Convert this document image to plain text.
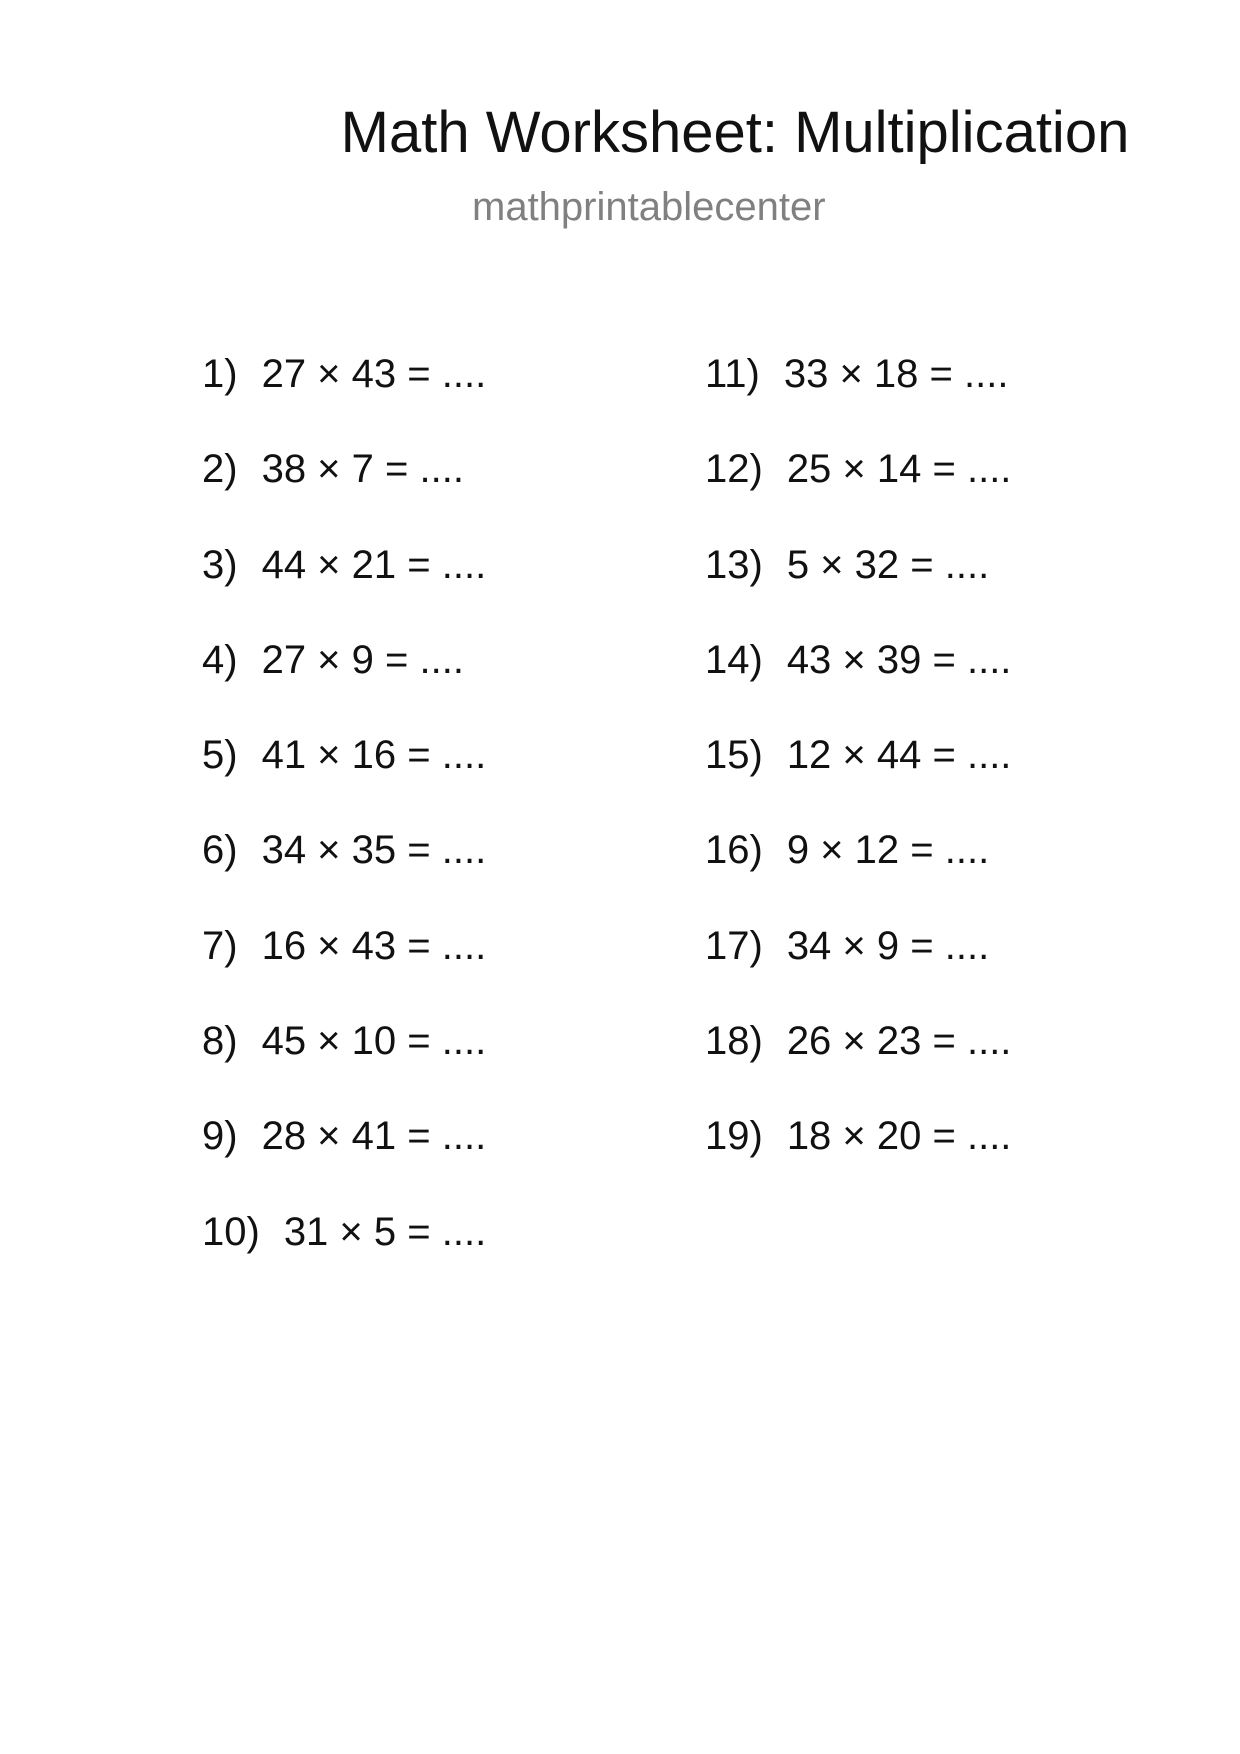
Math Worksheet: Multiplication
mathprintablecenter
1) 27 × 43 = ....
2) 38 × 7 = ....
3) 44 × 21 = ....
4) 27 × 9 = ....
5) 41 × 16 = ....
6) 34 × 35 = ....
7) 16 × 43 = ....
8) 45 × 10 = ....
9) 28 × 41 = ....
10) 31 × 5 = ....
11) 33 × 18 = ....
12) 25 × 14 = ....
13) 5 × 32 = ....
14) 43 × 39 = ....
15) 12 × 44 = ....
16) 9 × 12 = ....
17) 34 × 9 = ....
18) 26 × 23 = ....
19) 18 × 20 = ....
